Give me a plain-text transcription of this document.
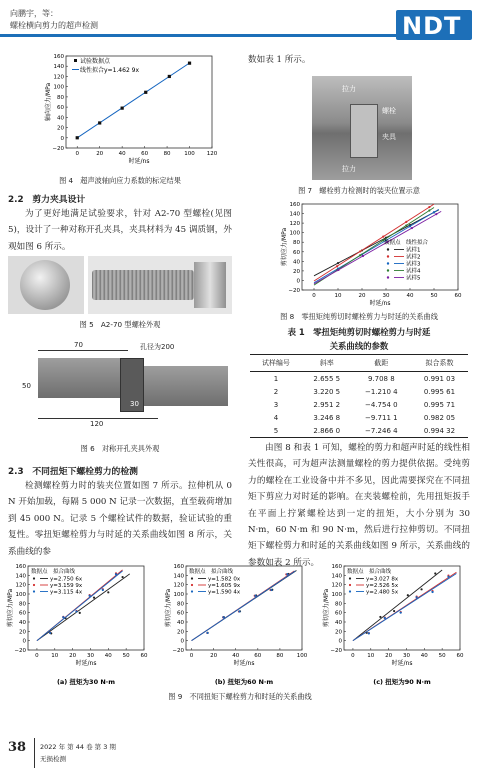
向鹏宇，等：
螺栓横向剪力的超声检测	NDT
160
140
120
100
80
60
40
20
0
−20
0	20	40	60	80 100 120
时延/ns
轴向应力/MPa
试验数据点
线性拟合y=1.462 9x
图 4　超声波轴向应力系数的标定结果
2.2　剪力夹具设计

为了更好地满足试验要求，针对 A2-70 型螺栓(见图 5)，设计了一种对称开孔夹具，夹具材料为 45 调质钢，外观如图 6 所示。

图 5　A2-70 型螺栓外观
70
50
30
孔径为200
120
图 6　对称开孔夹具外观
2.3　不同扭矩下螺栓剪力的检测

检测螺栓剪力时的装夹位置如图 7 所示。拉伸机从 0 N 开始加载，每隔 5 000 N 记录一次数据，直至载荷增加到 45 000 N。记录 5 个螺栓试件的数据，验证试验的重复性。零扭矩螺栓剪力与时延的关系曲线如图 8 所示，关系曲线的参

数如表 1 所示。

拉力
螺栓
夹具
拉力
图 7　螺栓剪力检测时的装夹位置示意
160
140
120
100
80
60
40
20
0
−20
0	10	20	30	40	50	60
时延/ns
剪切应力/MPa	数据点　线性拟合
试样1
试样2
试样3
试样4
试样5
图 8　零扭矩纯剪切时螺栓剪力与时延的关系曲线
表 1　零扭矩纯剪切时螺栓剪力与时延
关系曲线的参数
试样编号	斜率	截距	拟合系数
1	2.655 5	9.708 8	0.991 03
2	3.220 5	−1.210 4	0.995 61
3	2.951 2	−4.754 0	0.995 71
4	3.246 8	−9.711 1	0.982 05
5	2.866 0	−7.246 4	0.994 32

由图 8 和表 1 可知，螺栓的剪力和超声时延的线性相关性很高，可为超声法测量螺栓的剪力提供依据。受纯剪力的螺栓在工业设备中并不多见，因此需要探究在不同扭矩下剪应力对时延的影响。在夹装螺栓前，先用扭矩扳手在平面上拧紧螺栓达到一定的扭矩，大小分别为 30 N·m，60 N·m 和 90 N·m，然后进行拉伸剪切。不同扭矩下螺栓剪力和时延的关系曲线如图 9 所示，关系曲线的参数如表 2 所示。

160
140
120
100
80
60
40
20
0
−20
0 10 20 30 40 50 60
时延/ns
剪切应力/MPa
数据点　拟合曲线
y=2.750 6x
y=3.159 9x
y=3.115 4x
(a) 扭矩为30 N·m
160
140
120
100
80
60
40
20
0
−20
0	20	40	60	80 100
时延/ns
剪切应力/MPa
数据点　拟合曲线
y=1.582 0x
y=1.605 9x
y=1.590 4x
(b) 扭矩为60 N·m
160
140
120
100
80
60
40
20
0
−20
0 10 20 30 40 50 60
时延/ns
剪切应力/MPa
数据点　拟合曲线
y=3.027 8x
y=2.526 5x
y=2.480 5x
(c) 扭矩为90 N·m
图 9　不同扭矩下螺栓剪力和时延的关系曲线
38 2022 年 第 44 卷 第 3 期
无损检测
